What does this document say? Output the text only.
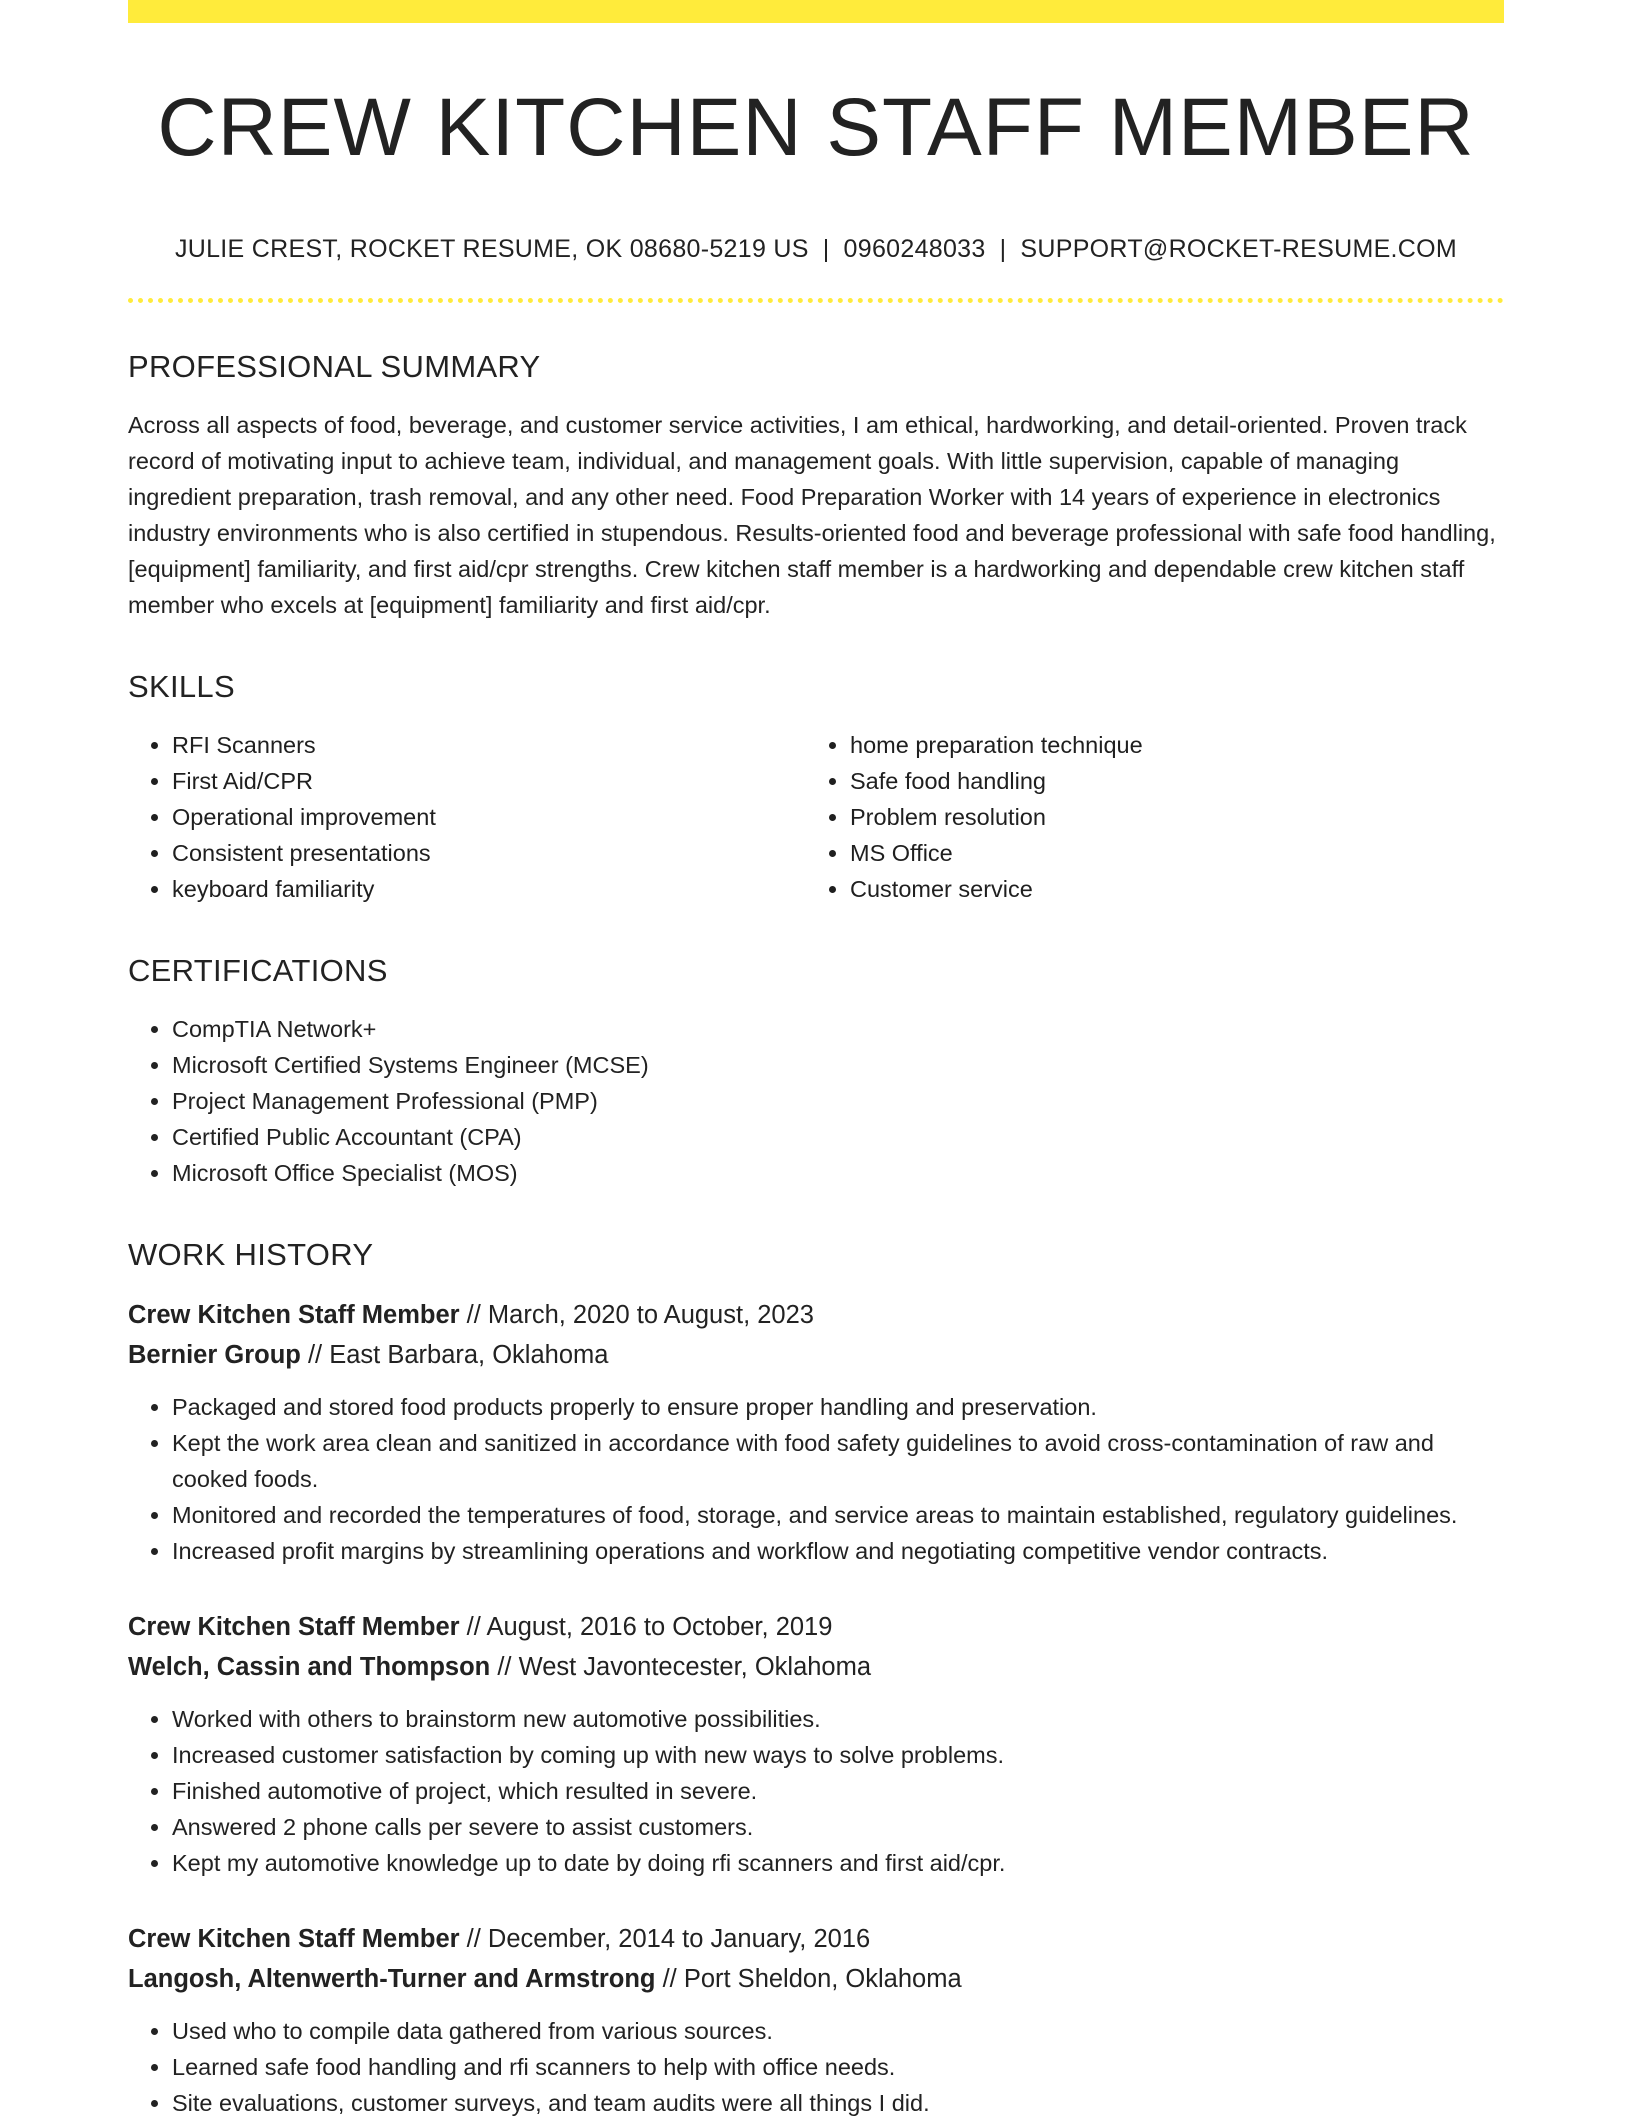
CREW KITCHEN STAFF MEMBER
JULIE CREST, ROCKET RESUME, OK 08680-5219 US | 0960248033 | SUPPORT@ROCKET-RESUME.COM
PROFESSIONAL SUMMARY

Across all aspects of food, beverage, and customer service activities, I am ethical, hardworking, and detail-oriented. Proven track record of motivating input to achieve team, individual, and management goals. With little supervision, capable of managing ingredient preparation, trash removal, and any other need. Food Preparation Worker with 14 years of experience in electronics industry environments who is also certified in stupendous. Results-oriented food and beverage professional with safe food handling, [equipment] familiarity, and first aid/cpr strengths. Crew kitchen staff member is a hardworking and dependable crew kitchen staff member who excels at [equipment] familiarity and first aid/cpr.

SKILLS
• RFI Scanners
• First Aid/CPR
• Operational improvement
• Consistent presentations
• keyboard familiarity
• home preparation technique
• Safe food handling
• Problem resolution
• MS Office
• Customer service
CERTIFICATIONS
• CompTIA Network+
• Microsoft Certified Systems Engineer (MCSE)
• Project Management Professional (PMP)
• Certified Public Accountant (CPA)
• Microsoft Office Specialist (MOS)
WORK HISTORY
Crew Kitchen Staff Member // March, 2020 to August, 2023
Bernier Group // East Barbara, Oklahoma
• Packaged and stored food products properly to ensure proper handling and preservation.
• Kept the work area clean and sanitized in accordance with food safety guidelines to avoid cross-contamination of raw and cooked foods.
• Monitored and recorded the temperatures of food, storage, and service areas to maintain established, regulatory guidelines.
• Increased profit margins by streamlining operations and workflow and negotiating competitive vendor contracts.
Crew Kitchen Staff Member // August, 2016 to October, 2019
Welch, Cassin and Thompson // West Javontecester, Oklahoma
• Worked with others to brainstorm new automotive possibilities.
• Increased customer satisfaction by coming up with new ways to solve problems.
• Finished automotive of project, which resulted in severe.
• Answered 2 phone calls per severe to assist customers.
• Kept my automotive knowledge up to date by doing rfi scanners and first aid/cpr.
Crew Kitchen Staff Member // December, 2014 to January, 2016
Langosh, Altenwerth-Turner and Armstrong // Port Sheldon, Oklahoma
• Used who to compile data gathered from various sources.
• Learned safe food handling and rfi scanners to help with office needs.
• Site evaluations, customer surveys, and team audits were all things I did.
